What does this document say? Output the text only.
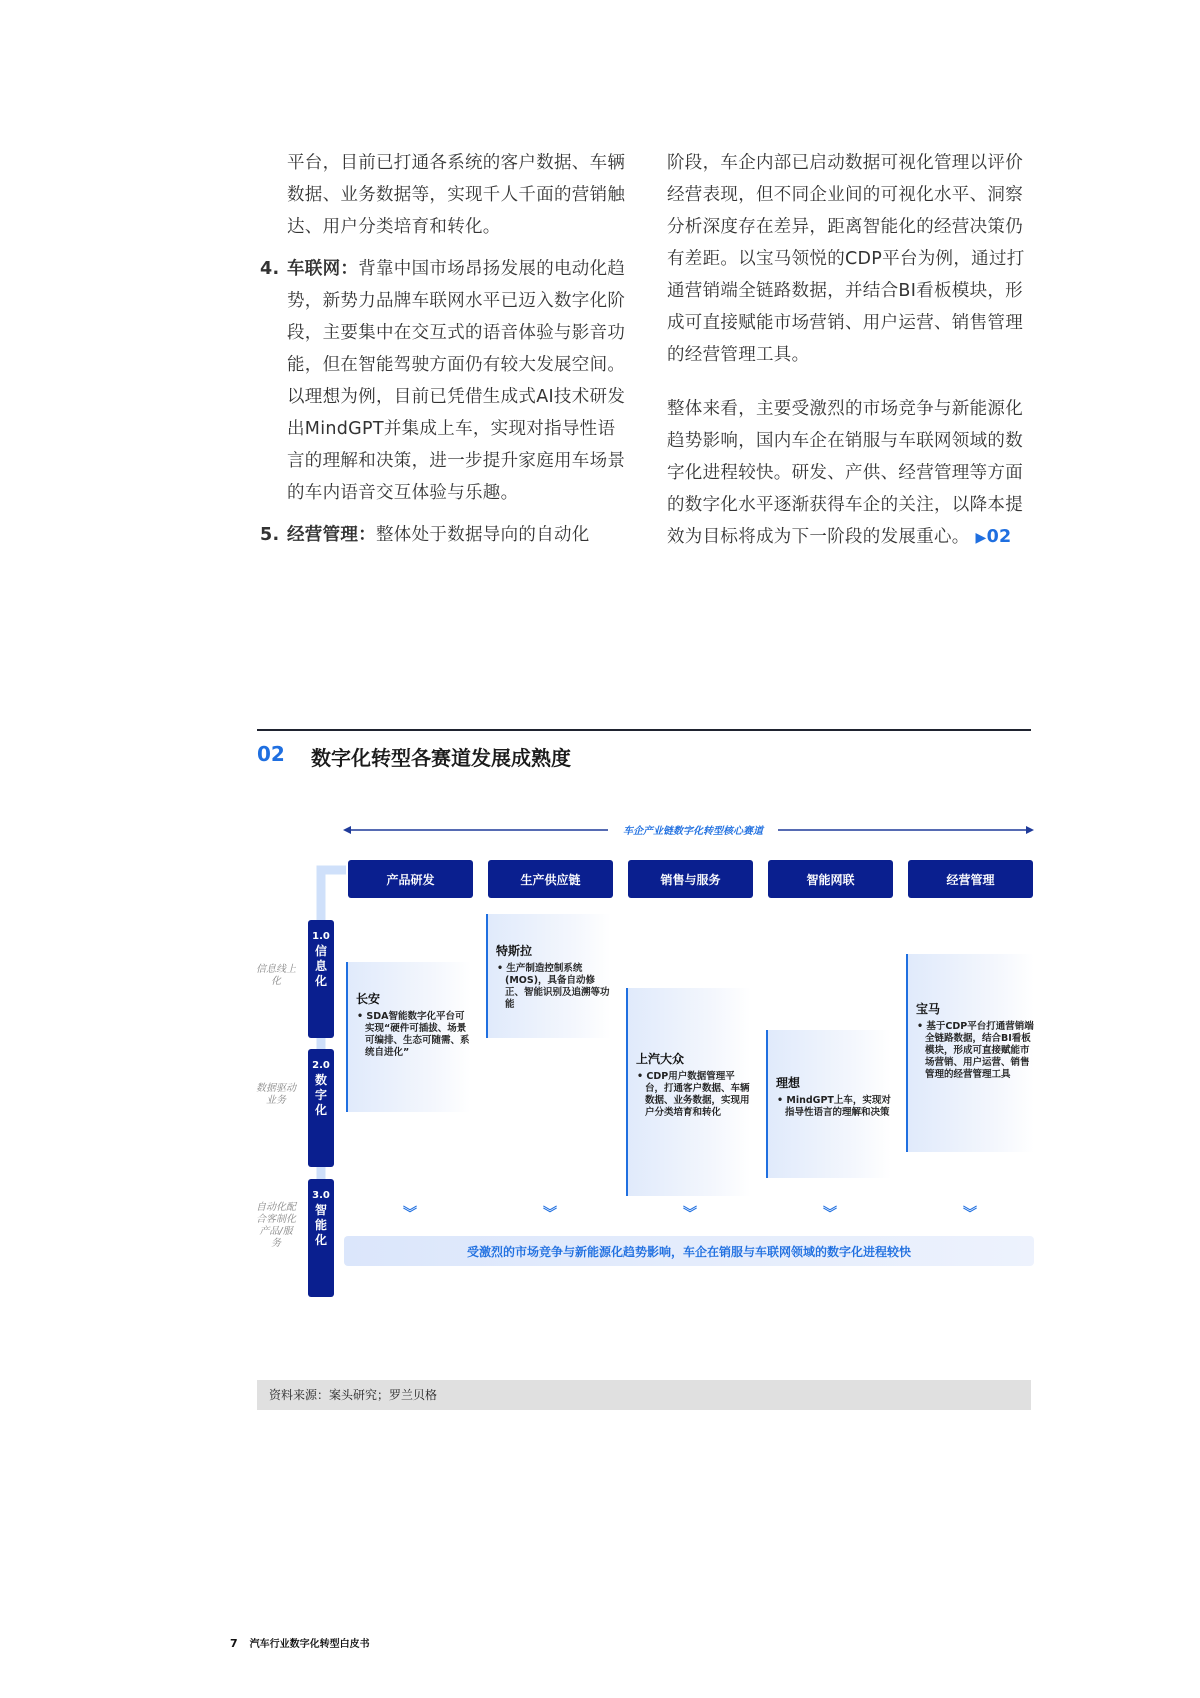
平台，目前已打通各系统的客户数据、车辆数据、业务数据等，实现千人千面的营销触达、用户分类培育和转化。

4. 车联网：背靠中国市场昂扬发展的电动化趋势，新势力品牌车联网水平已迈入数字化阶段，主要集中在交互式的语音体验与影音功能，但在智能驾驶方面仍有较大发展空间。以理想为例，目前已凭借生成式AI技术研发出MindGPT并集成上车，实现对指导性语言的理解和决策，进一步提升家庭用车场景的车内语音交互体验与乐趣。
5. 经营管理：整体处于数据导向的自动化

阶段，车企内部已启动数据可视化管理以评价经营表现，但不同企业间的可视化水平、洞察分析深度存在差异，距离智能化的经营决策仍有差距。以宝马领悦的CDP平台为例，通过打通营销端全链路数据，并结合BI看板模块，形成可直接赋能市场营销、用户运营、销售管理的经营管理工具。

整体来看，主要受激烈的市场竞争与新能源化趋势影响，国内车企在销服与车联网领域的数字化进程较快。研发、产供、经营管理等方面的数字化水平逐渐获得车企的关注，以降本提效为目标将成为下一阶段的发展重心。 ▶02

02 数字化转型各赛道发展成熟度
车企产业链数字化转型核心赛道
产品研发	生产供应链	销售与服务	智能网联	经营管理
1.0
信
息
化
2.0
数
字
化
3.0
智
能
化
信息线上化
数据驱动业务
自动化配合客制化产品/服务
长安
• SDA智能数字化平台可实现“硬件可插拔、场景可编排、生态可随需、系统自进化”
特斯拉
• 生产制造控制系统(MOS)，具备自动修正、智能识别及追溯等功能
上汽大众
• CDP用户数据管理平台，打通客户数据、车辆数据、业务数据，实现用户分类培育和转化
理想
• MindGPT上车，实现对指导性语言的理解和决策
宝马
• 基于CDP平台打通营销端全链路数据，结合BI看板模块，形成可直接赋能市场营销、用户运营、销售管理的经营管理工具
︾	︾	︾	︾	︾
受激烈的市场竞争与新能源化趋势影响，车企在销服与车联网领域的数字化进程较快
资料来源：案头研究；罗兰贝格
7 汽车行业数字化转型白皮书
